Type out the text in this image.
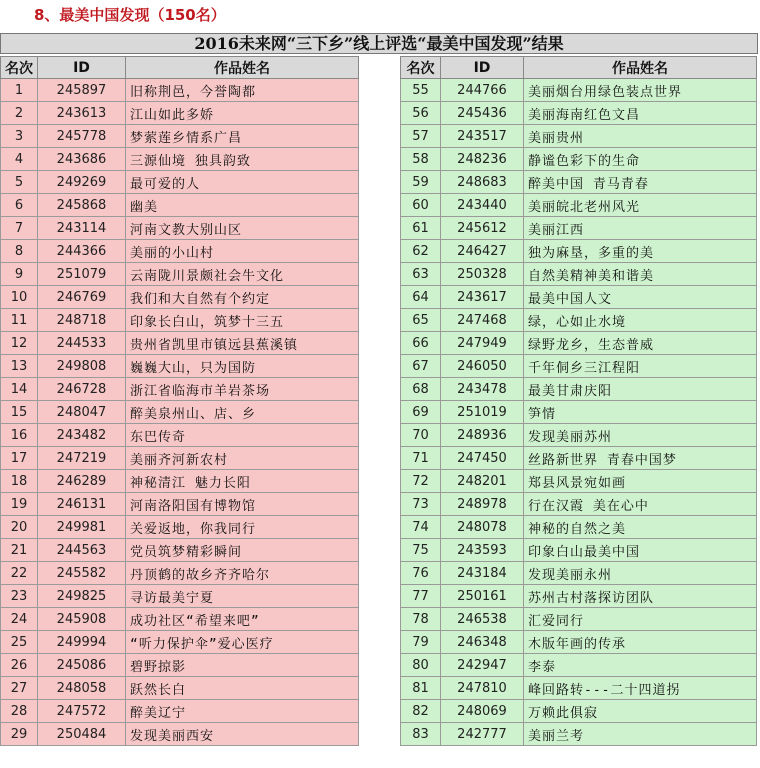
8、最美中国发现（150名）
2016未来网“三下乡”线上评选“最美中国发现”结果
名次	ID	作品姓名
1	245897	旧称荆邑，今誉陶都
2	243613	江山如此多娇
3	245778	梦萦莲乡情系广昌
4	243686	三源仙境 独具韵致
5	249269	最可爱的人
6	245868	幽美
7	243114	河南文教大别山区
8	244366	美丽的小山村
9	251079	云南陇川景颇社会牛文化
10	246769	我们和大自然有个约定
11	248718	印象长白山，筑梦十三五
12	244533	贵州省凯里市镇远县蕉溪镇
13	249808	巍巍大山，只为国防
14	246728	浙江省临海市羊岩茶场
15	248047	醉美泉州山、店、乡
16	243482	东巴传奇
17	247219	美丽齐河新农村
18	246289	神秘清江 魅力长阳
19	246131	河南洛阳国有博物馆
20	249981	关爱返地，你我同行
21	244563	党员筑梦精彩瞬间
22	245582	丹顶鹤的故乡齐齐哈尔
23	249825	寻访最美宁夏
24	245908	成功社区“希望来吧”
25	249994	“听力保护伞”爱心医疗
26	245086	碧野掠影
27	248058	跃然长白
28	247572	醉美辽宁
29	250484	发现美丽西安
名次	ID	作品姓名
55	244766	美丽烟台用绿色装点世界
56	245436	美丽海南红色文昌
57	243517	美丽贵州
58	248236	静谧色彩下的生命
59	248683	醉美中国 青马青春
60	243440	美丽皖北老州风光
61	245612	美丽江西
62	246427	独为麻垦，多重的美
63	250328	自然美精神美和谐美
64	243617	最美中国人文
65	247468	绿，心如止水境
66	247949	绿野龙乡，生态普威
67	246050	千年侗乡三江程阳
68	243478	最美甘肃庆阳
69	251019	笋情
70	248936	发现美丽苏州
71	247450	丝路新世界 青春中国梦
72	248201	郑县风景宛如画
73	248978	行在汉霞 美在心中
74	248078	神秘的自然之美
75	243593	印象白山最美中国
76	243184	发现美丽永州
77	250161	苏州古村落探访团队
78	246538	汇爱同行
79	246348	木版年画的传承
80	242947	李泰
81	247810	峰回路转---二十四道拐
82	248069	万赖此俱寂
83	242777	美丽兰考
